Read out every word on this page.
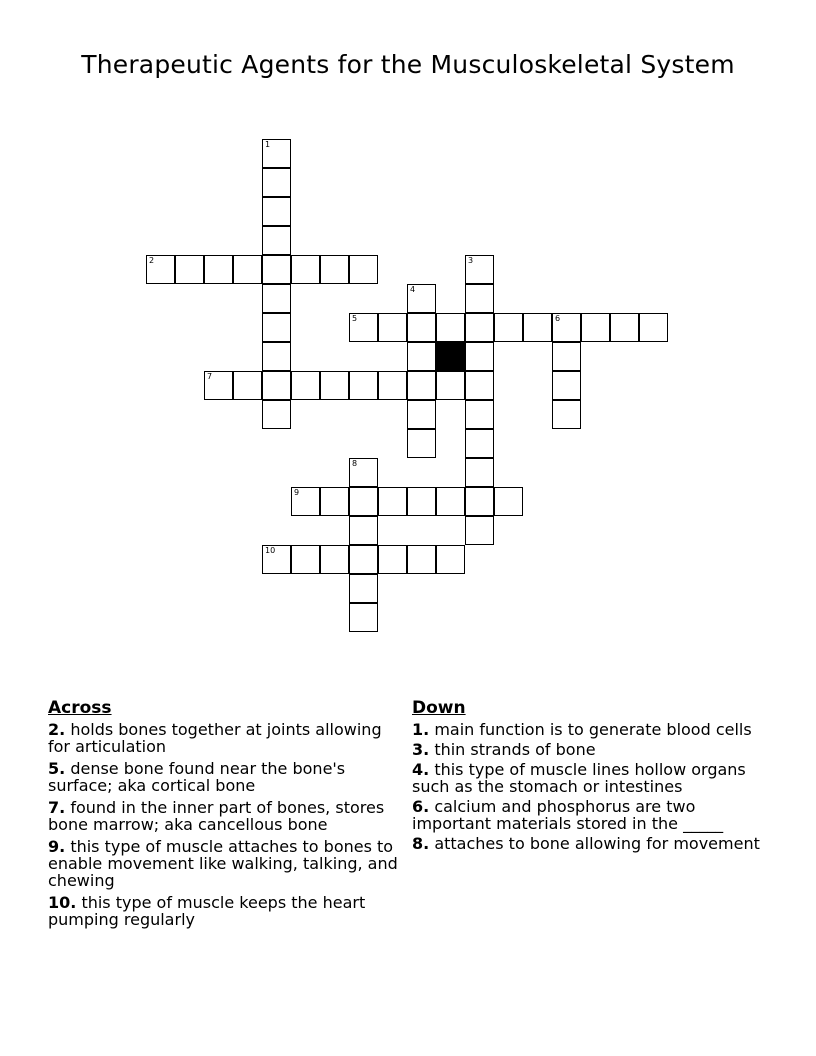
Therapeutic Agents for the Musculoskeletal System
1
2	3
4
5	6
7
8
9
10
Across
2. holds bones together at joints allowing for articulation
5. dense bone found near the bone's surface; aka cortical bone
7. found in the inner part of bones, stores bone marrow; aka cancellous bone
9. this type of muscle attaches to bones to enable movement like walking, talking, and chewing
10. this type of muscle keeps the heart pumping regularly
Down
1. main function is to generate blood cells
3. thin strands of bone
4. this type of muscle lines hollow organs such as the stomach or intestines
6. calcium and phosphorus are two important materials stored in the _____
8. attaches to bone allowing for movement
